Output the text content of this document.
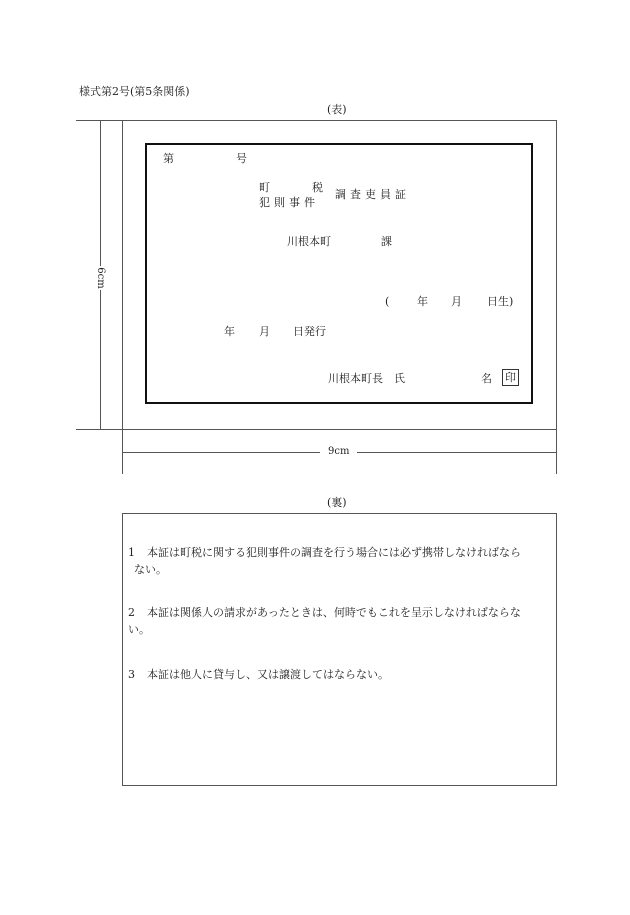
様式第2号(第5条関係)
(表)
6cm
9cm
第	号
町	税
犯則事件
調査吏員証
川根本町	課
(	年 月 日生)
年 月 日発行
川根本町長　氏	名 印
(裏)
1 本証は町税に関する犯則事件の調査を行う場合には必ず携帯しなければなら
ない。
2 本証は関係人の請求があったときは、何時でもこれを呈示しなければならな
い。
3 本証は他人に貸与し、又は譲渡してはならない。
